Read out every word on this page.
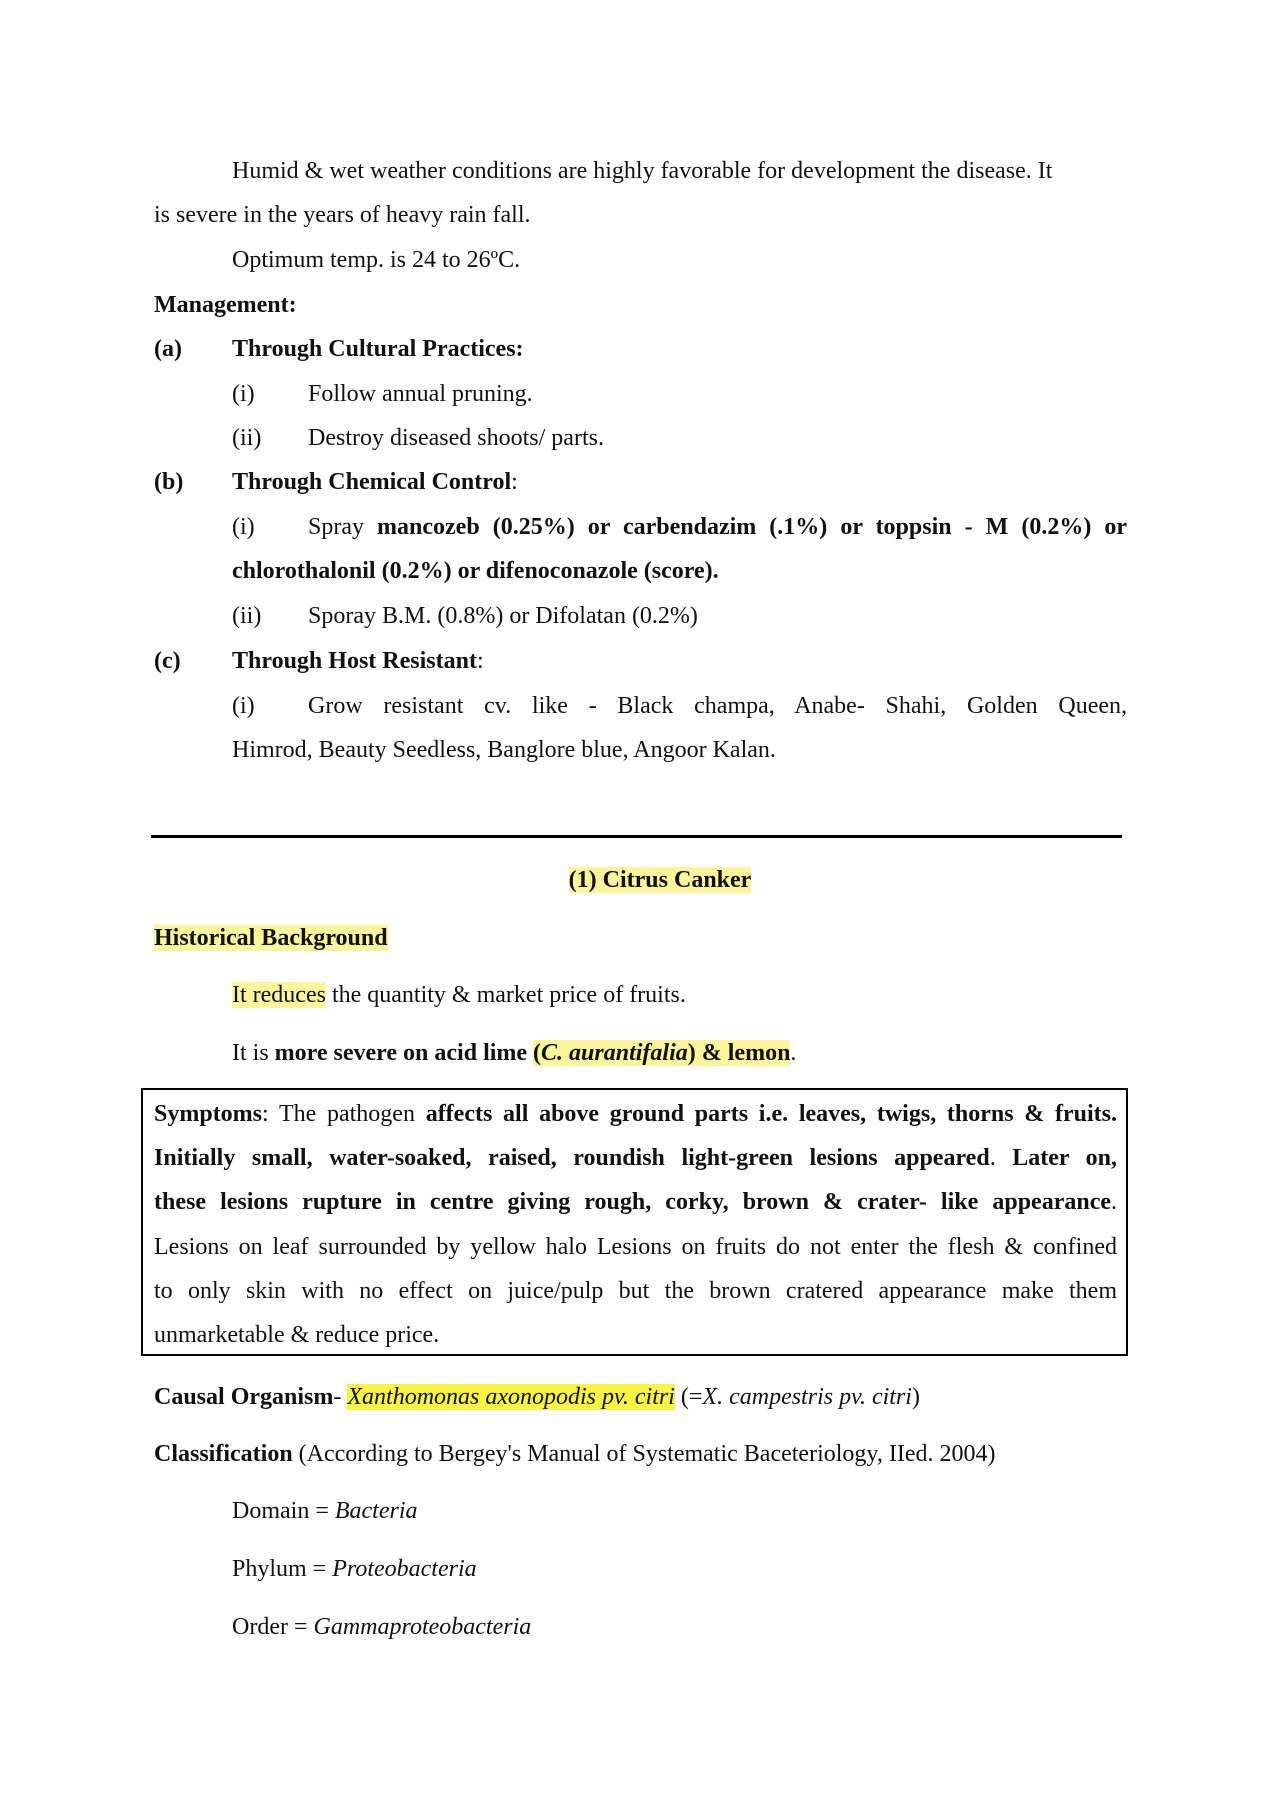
Humid & wet weather conditions are highly favorable for development the disease. It
is severe in the years of heavy rain fall.
Optimum temp. is 24 to 26ºC.
Management:
(a) Through Cultural Practices:
(i) Follow annual pruning.
(ii) Destroy diseased shoots/ parts.
(b) Through Chemical Control:
(i) Spray mancozeb (0.25%) or carbendazim (.1%) or toppsin - M (0.2%) or
chlorothalonil (0.2%) or difenoconazole (score).
(ii) Sporay B.M. (0.8%) or Difolatan (0.2%)
(c) Through Host Resistant:
(i) Grow resistant cv. like - Black champa, Anabe- Shahi, Golden Queen,
Himrod, Beauty Seedless, Banglore blue, Angoor Kalan.
(1) Citrus Canker
Historical Background
It reduces the quantity & market price of fruits.
It is more severe on acid lime (C. aurantifalia) & lemon.
Symptoms: The pathogen affects all above ground parts i.e. leaves, twigs, thorns & fruits.
Initially small, water-soaked, raised, roundish light-green lesions appeared. Later on,
these lesions rupture in centre giving rough, corky, brown & crater- like appearance.
Lesions on leaf surrounded by yellow halo Lesions on fruits do not enter the flesh & confined
to only skin with no effect on juice/pulp but the brown cratered appearance make them
unmarketable & reduce price.
Causal Organism- Xanthomonas axonopodis pv. citri (=X. campestris pv. citri)
Classification (According to Bergey's Manual of Systematic Baceteriology, IIed. 2004)
Domain = Bacteria
Phylum = Proteobacteria
Order = Gammaproteobacteria
